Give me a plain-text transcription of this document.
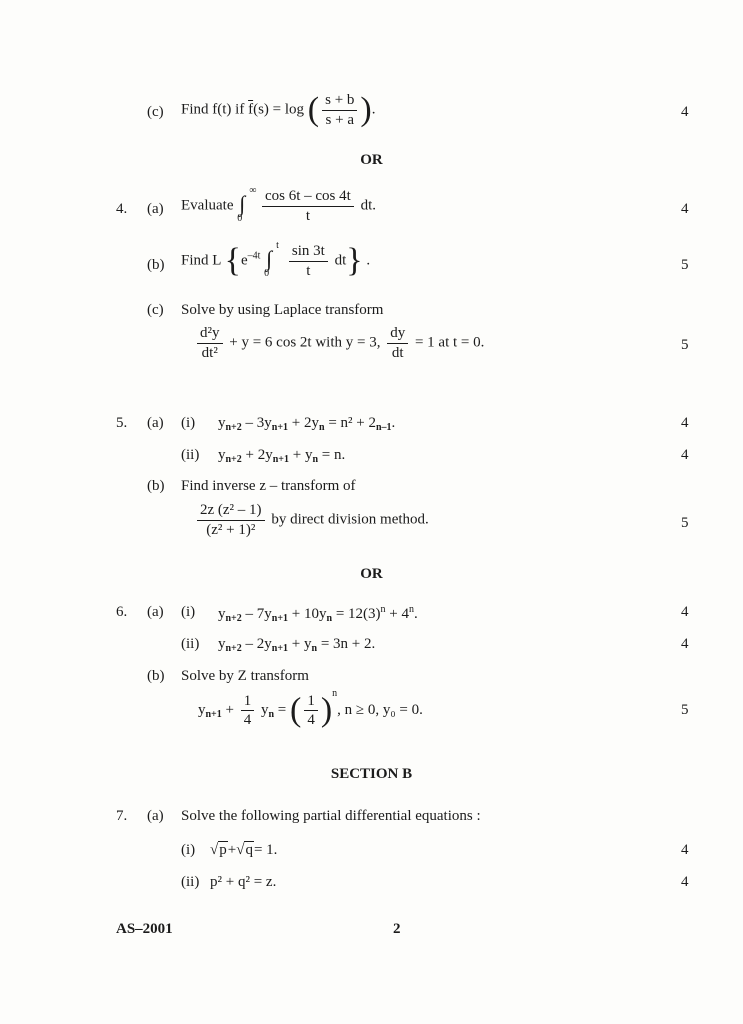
(c) Find f(t) if $\overline{f}(s) = \log$ ( $\frac{s + b}{s + a}$ ).	4
OR
4. (a) Evaluate ∫
∞
0
$\frac{\cos 6t - \cos 4t}{t}$ dt.	4
(b) Find L {$e^{-4t}$ ∫
t
0
$\frac{\sin 3t}{t} dt$} .	5
(c) Solve by using Laplace transform
$\frac{\text{d²y}}{\text{dt²}} + y = 6$ cos 2t with y = 3, $\frac{dy}{dt} = 1$ at t = 0.	5
5. (a) (i) $y_{n+2} - 3y_{n+1} + 2y_n = n^2 + 2_{n-1}$.	4
(ii) $y_{n+2} + 2y_{n+1} + y_n = n$.	4
(b) Find inverse z – transform of
$\frac{\text{2z (z² – 1)}}{\text{(z² + 1)²}}$ by direct division method.	5
OR
6. (a) (i) $y_{n+2} - 7y_{n+1} + 10y_n = 12(3)^n + 4^n$.	4
(ii) $y_{n+2} - 2y_{n+1} + y_n = 3n + 2$.	4
(b) Solve by Z transform
$y_{n+1} + \frac{1}{4} y_n$ = ( $\frac{1}{4} )^n$, n ≥ 0, y₀ = 0.	5
SECTION B
7. (a) Solve the following partial differential equations :
(i) √p+√q= 1.	4
(ii) p² + q² = z.	4
AS–2001	2
